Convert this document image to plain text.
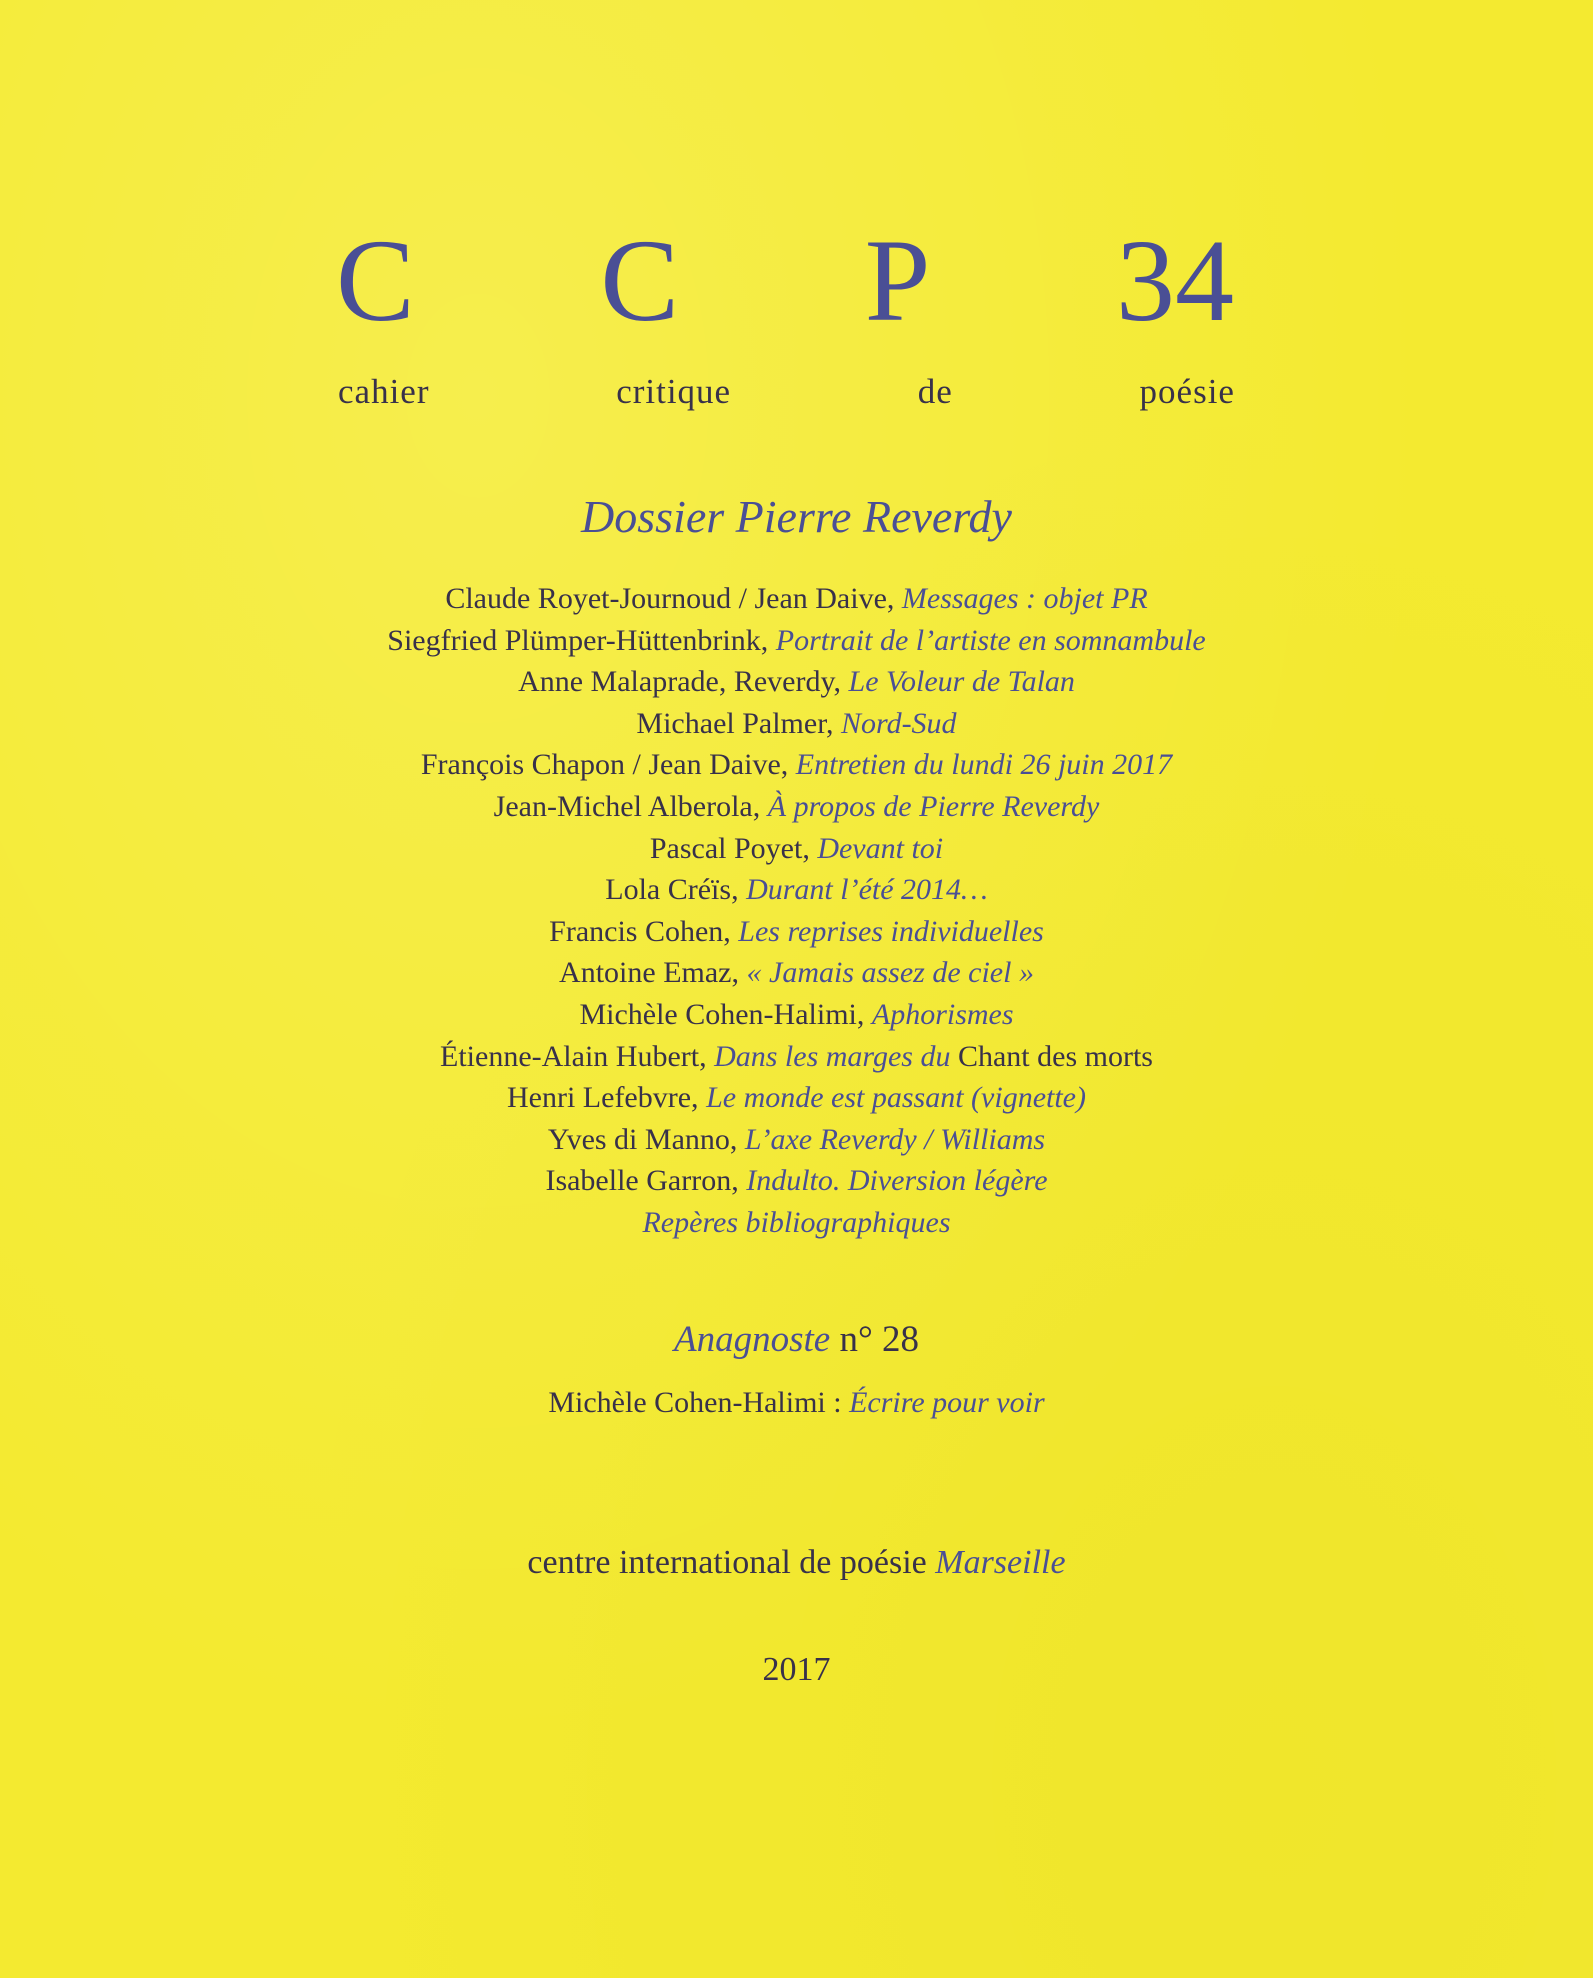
C C P 34
cahier	critique	de	poésie
Dossier Pierre Reverdy
Claude Royet-Journoud / Jean Daive, Messages : objet PR
Siegfried Plümper-Hüttenbrink, Portrait de l’artiste en somnambule
Anne Malaprade, Reverdy, Le Voleur de Talan
Michael Palmer, Nord-Sud
François Chapon / Jean Daive, Entretien du lundi 26 juin 2017
Jean-Michel Alberola, À propos de Pierre Reverdy
Pascal Poyet, Devant toi
Lola Créïs, Durant l’été 2014…
Francis Cohen, Les reprises individuelles
Antoine Emaz, « Jamais assez de ciel »
Michèle Cohen-Halimi, Aphorismes
Étienne-Alain Hubert, Dans les marges du Chant des morts
Henri Lefebvre, Le monde est passant (vignette)
Yves di Manno, L’axe Reverdy / Williams
Isabelle Garron, Indulto. Diversion légère
Repères bibliographiques
Anagnoste n° 28
Michèle Cohen-Halimi : Écrire pour voir
centre international de poésie Marseille
2017
